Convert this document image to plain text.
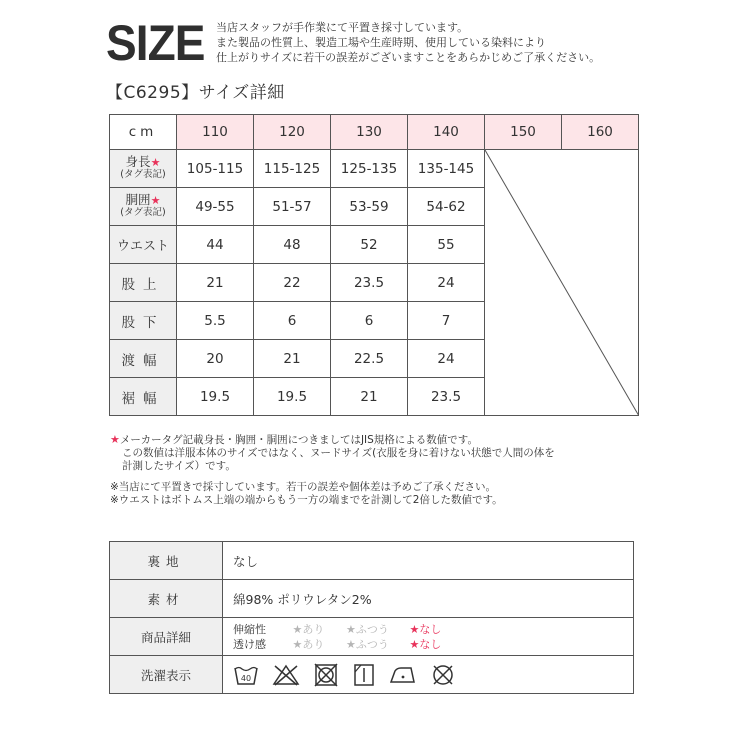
SIZE 当店スタッフが手作業にて平置き採寸しています。
また製品の性質上、製造工場や生産時期、使用している染料により
仕上がりサイズに若干の誤差がございますことをあらかじめご了承ください。
【C6295】サイズ詳細
cm	110	120	130	140	150	160
身長★
(タグ表記)	105-115	115-125	125-135	135-145	

胴囲★
(タグ表記)	49-55	51-57	53-59	54-62		
ウエスト	44	48	52	55		
股上	21	22	23.5	24		
股下	5.5	6	6	7		
渡幅	20	21	22.5	24		
裾幅	19.5	19.5	21	23.5		
★メーカータグ記載身長・胸囲・胴囲につきましてはJIS規格による数値です。
この数値は洋服本体のサイズではなく、ヌードサイズ(衣服を身に着けない状態で人間の体を
計測したサイズ）です。
※当店にて平置きで採寸しています。若干の誤差や個体差は予めご了承ください。
※ウエストはボトムス上端の端からもう一方の端までを計測して2倍した数値です。
裏地	なし
素材	綿98% ポリウレタン2%
商品詳細	伸縮性 ★あり ★ふつう ★なし
透け感 ★あり ★ふつう ★なし

洗濯表示	40
